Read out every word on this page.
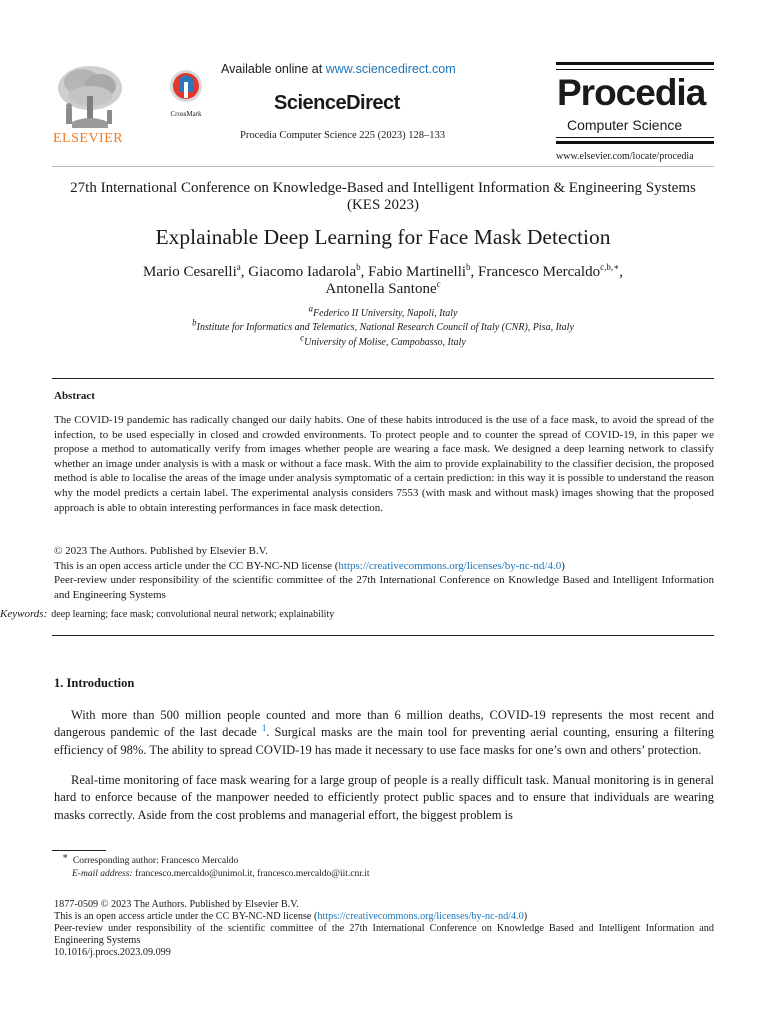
ELSEVIER
CrossMark
Available online at www.sciencedirect.com
ScienceDirect
Procedia Computer Science 225 (2023) 128–133
Procedia
Computer Science
www.elsevier.com/locate/procedia
27th International Conference on Knowledge-Based and Intelligent Information & Engineering Systems (KES 2023)
Explainable Deep Learning for Face Mask Detection
Mario Cesarelli$^a$, Giacomo Iadarola$^b$, Fabio Martinelli$^b$, Francesco Mercaldo$^{c,b,∗}$,
Antonella Santone$^c$
$^a$Federico II University, Napoli, Italy
$^b$Institute for Informatics and Telematics, National Research Council of Italy (CNR), Pisa, Italy
$^c$University of Molise, Campobasso, Italy
Abstract
The COVID-19 pandemic has radically changed our daily habits. One of these habits introduced is the use of a face mask, to avoid the spread of the infection, to be used especially in closed and crowded environments. To protect people and to counter the spread of COVID-19, in this paper we propose a method to automatically verify from images whether people are wearing a face mask. We designed a deep learning network to classify whether an image under analysis is with a mask or without a face mask. With the aim to provide explainability to the classifier decision, the proposed method is able to localise the areas of the image under analysis symptomatic of a certain prediction: in this way it is possible to understand the reason why the model predicts a certain label. The experimental analysis considers 7553 (with mask and without mask) images showing that the proposed approach is able to obtain interesting performances in face mask detection.
© 2023 The Authors. Published by Elsevier B.V.
This is an open access article under the CC BY-NC-ND license (https://creativecommons.org/licenses/by-nc-nd/4.0)
Peer-review under responsibility of the scientific committee of the 27th International Conference on Knowledge Based and Intelligent Information and Engineering Systems
Keywords: deep learning; face mask; convolutional neural network; explainability
1. Introduction
With more than 500 million people counted and more than 6 million deaths, COVID-19 represents the most recent and dangerous pandemic of the last decade $^1$. Surgical masks are the main tool for preventing aerial counting, ensuring a filtering efficiency of 98%. The ability to spread COVID-19 has made it necessary to use face masks for one’s own and others’ protection.
Real-time monitoring of face mask wearing for a large group of people is a really difficult task. Manual monitoring is in general hard to enforce because of the manpower needed to efficiently protect public spaces and to ensure that individuals are wearing masks correctly. Aside from the cost problems and managerial effort, the biggest problem is
∗  Corresponding author: Francesco Mercaldo
E-mail address: francesco.mercaldo@unimol.it, francesco.mercaldo@iit.cnr.it
1877-0509 © 2023 The Authors. Published by Elsevier B.V.
This is an open access article under the CC BY-NC-ND license (https://creativecommons.org/licenses/by-nc-nd/4.0)
Peer-review under responsibility of the scientific committee of the 27th International Conference on Knowledge Based and Intelligent Information and Engineering Systems
10.1016/j.procs.2023.09.099
